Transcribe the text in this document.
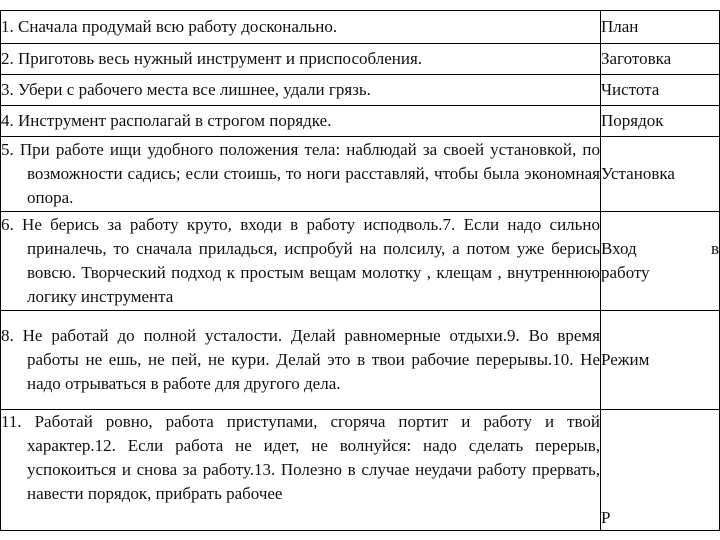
1. Сначала продумай всю работу досконально.	План
2. Приготовь весь нужный инструмент и приспособления.	Заготовка
3. Убери с рабочего места все лишнее, удали грязь.	Чистота
4. Инструмент располагай в строгом порядке.	Порядок

5. При работе ищи удобного положения тела: наблюдай за своей установкой, по возможности садись; если стоишь, то ноги расставляй, чтобы была экономная опора.	Установка

6. Не берись за работу круто, входи в работу исподволь.7. Если надо сильно приналечь, то сначала приладься, испробуй на полсилу, а потом уже берись вовсю. Творческий подход к простым вещам молотку , клещам , внутреннюю логику инструмента	Вход в
работу

8. Не работай до полной усталости. Делай равномерные отдыхи.9. Во время работы не ешь, не пей, не кури. Делай это в твои рабочие перерывы.10. Не надо отрываться в работе для другого дела.	Режим

11. Работай ровно, работа приступами, сгоряча портит и работу и твой характер.12. Если работа не идет, не волнуйся: надо сделать перерыв, успокоиться и снова за работу.13. Полезно в случае неудачи работу прервать, навести порядок, прибрать рабочее	Р
